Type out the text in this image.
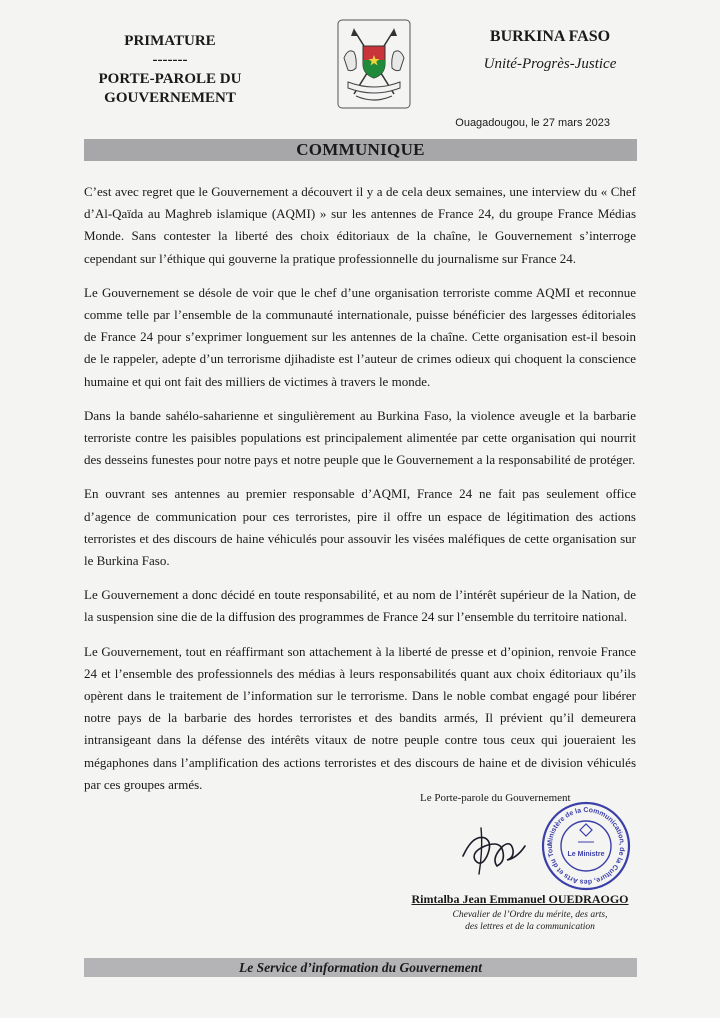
PRIMATURE
-------
PORTE-PAROLE DU
GOUVERNEMENT
BURKINA FASO
Unité-Progrès-Justice
Ouagadougou, le 27 mars 2023
COMMUNIQUE

C’est avec regret que le Gouvernement a découvert il y a de cela deux semaines, une interview du « Chef d’Al-Qaïda au Maghreb islamique (AQMI) » sur les antennes de France 24, du groupe France Médias Monde. Sans contester la liberté des choix éditoriaux de la chaîne, le Gouvernement s’interroge cependant sur l’éthique qui gouverne la pratique professionnelle du journalisme sur France 24.

Le Gouvernement se désole de voir que le chef d’une organisation terroriste comme AQMI et reconnue comme telle par l’ensemble de la communauté internationale, puisse bénéficier des largesses éditoriales de France 24 pour s’exprimer longuement sur les antennes de la chaîne. Cette organisation est-il besoin de le rappeler, adepte d’un terrorisme djihadiste est l’auteur de crimes odieux qui choquent la conscience humaine et qui ont fait des milliers de victimes à travers le monde.

Dans la bande sahélo-saharienne et singulièrement au Burkina Faso, la violence aveugle et la barbarie terroriste contre les paisibles populations est principalement alimentée par cette organisation qui nourrit des desseins funestes pour notre pays et notre peuple que le Gouvernement a la responsabilité de protéger.

En ouvrant ses antennes au premier responsable d’AQMI, France 24 ne fait pas seulement office d’agence de communication pour ces terroristes, pire il offre un espace de légitimation des actions terroristes et des discours de haine véhiculés pour assouvir les visées maléfiques de cette organisation sur le Burkina Faso.

Le Gouvernement a donc décidé en toute responsabilité, et au nom de l’intérêt supérieur de la Nation, de la suspension sine die de la diffusion des programmes de France 24 sur l’ensemble du territoire national.

Le Gouvernement, tout en réaffirmant son attachement à la liberté de presse et d’opinion, renvoie France 24 et l’ensemble des professionnels des médias à leurs responsabilités quant aux choix éditoriaux qu’ils opèrent dans le traitement de l’information sur le terrorisme. Dans le noble combat engagé pour libérer notre pays de la barbarie des hordes terroristes et des bandits armés, Il prévient qu’il demeurera intransigeant dans la défense des intérêts vitaux de notre peuple contre tous ceux qui joueraient les mégaphones dans l’amplification des actions terroristes et des discours de haine et de division véhiculés par ces groupes armés.

Le Porte-parole du Gouvernement
Ministère de la Communication, de la Culture, des Arts et du Tou
Le Ministre
Rimtalba Jean Emmanuel OUEDRAOGO
Chevalier de l’Ordre du mérite, des arts,
des lettres et de la communication
Le Service d’information du Gouvernement
